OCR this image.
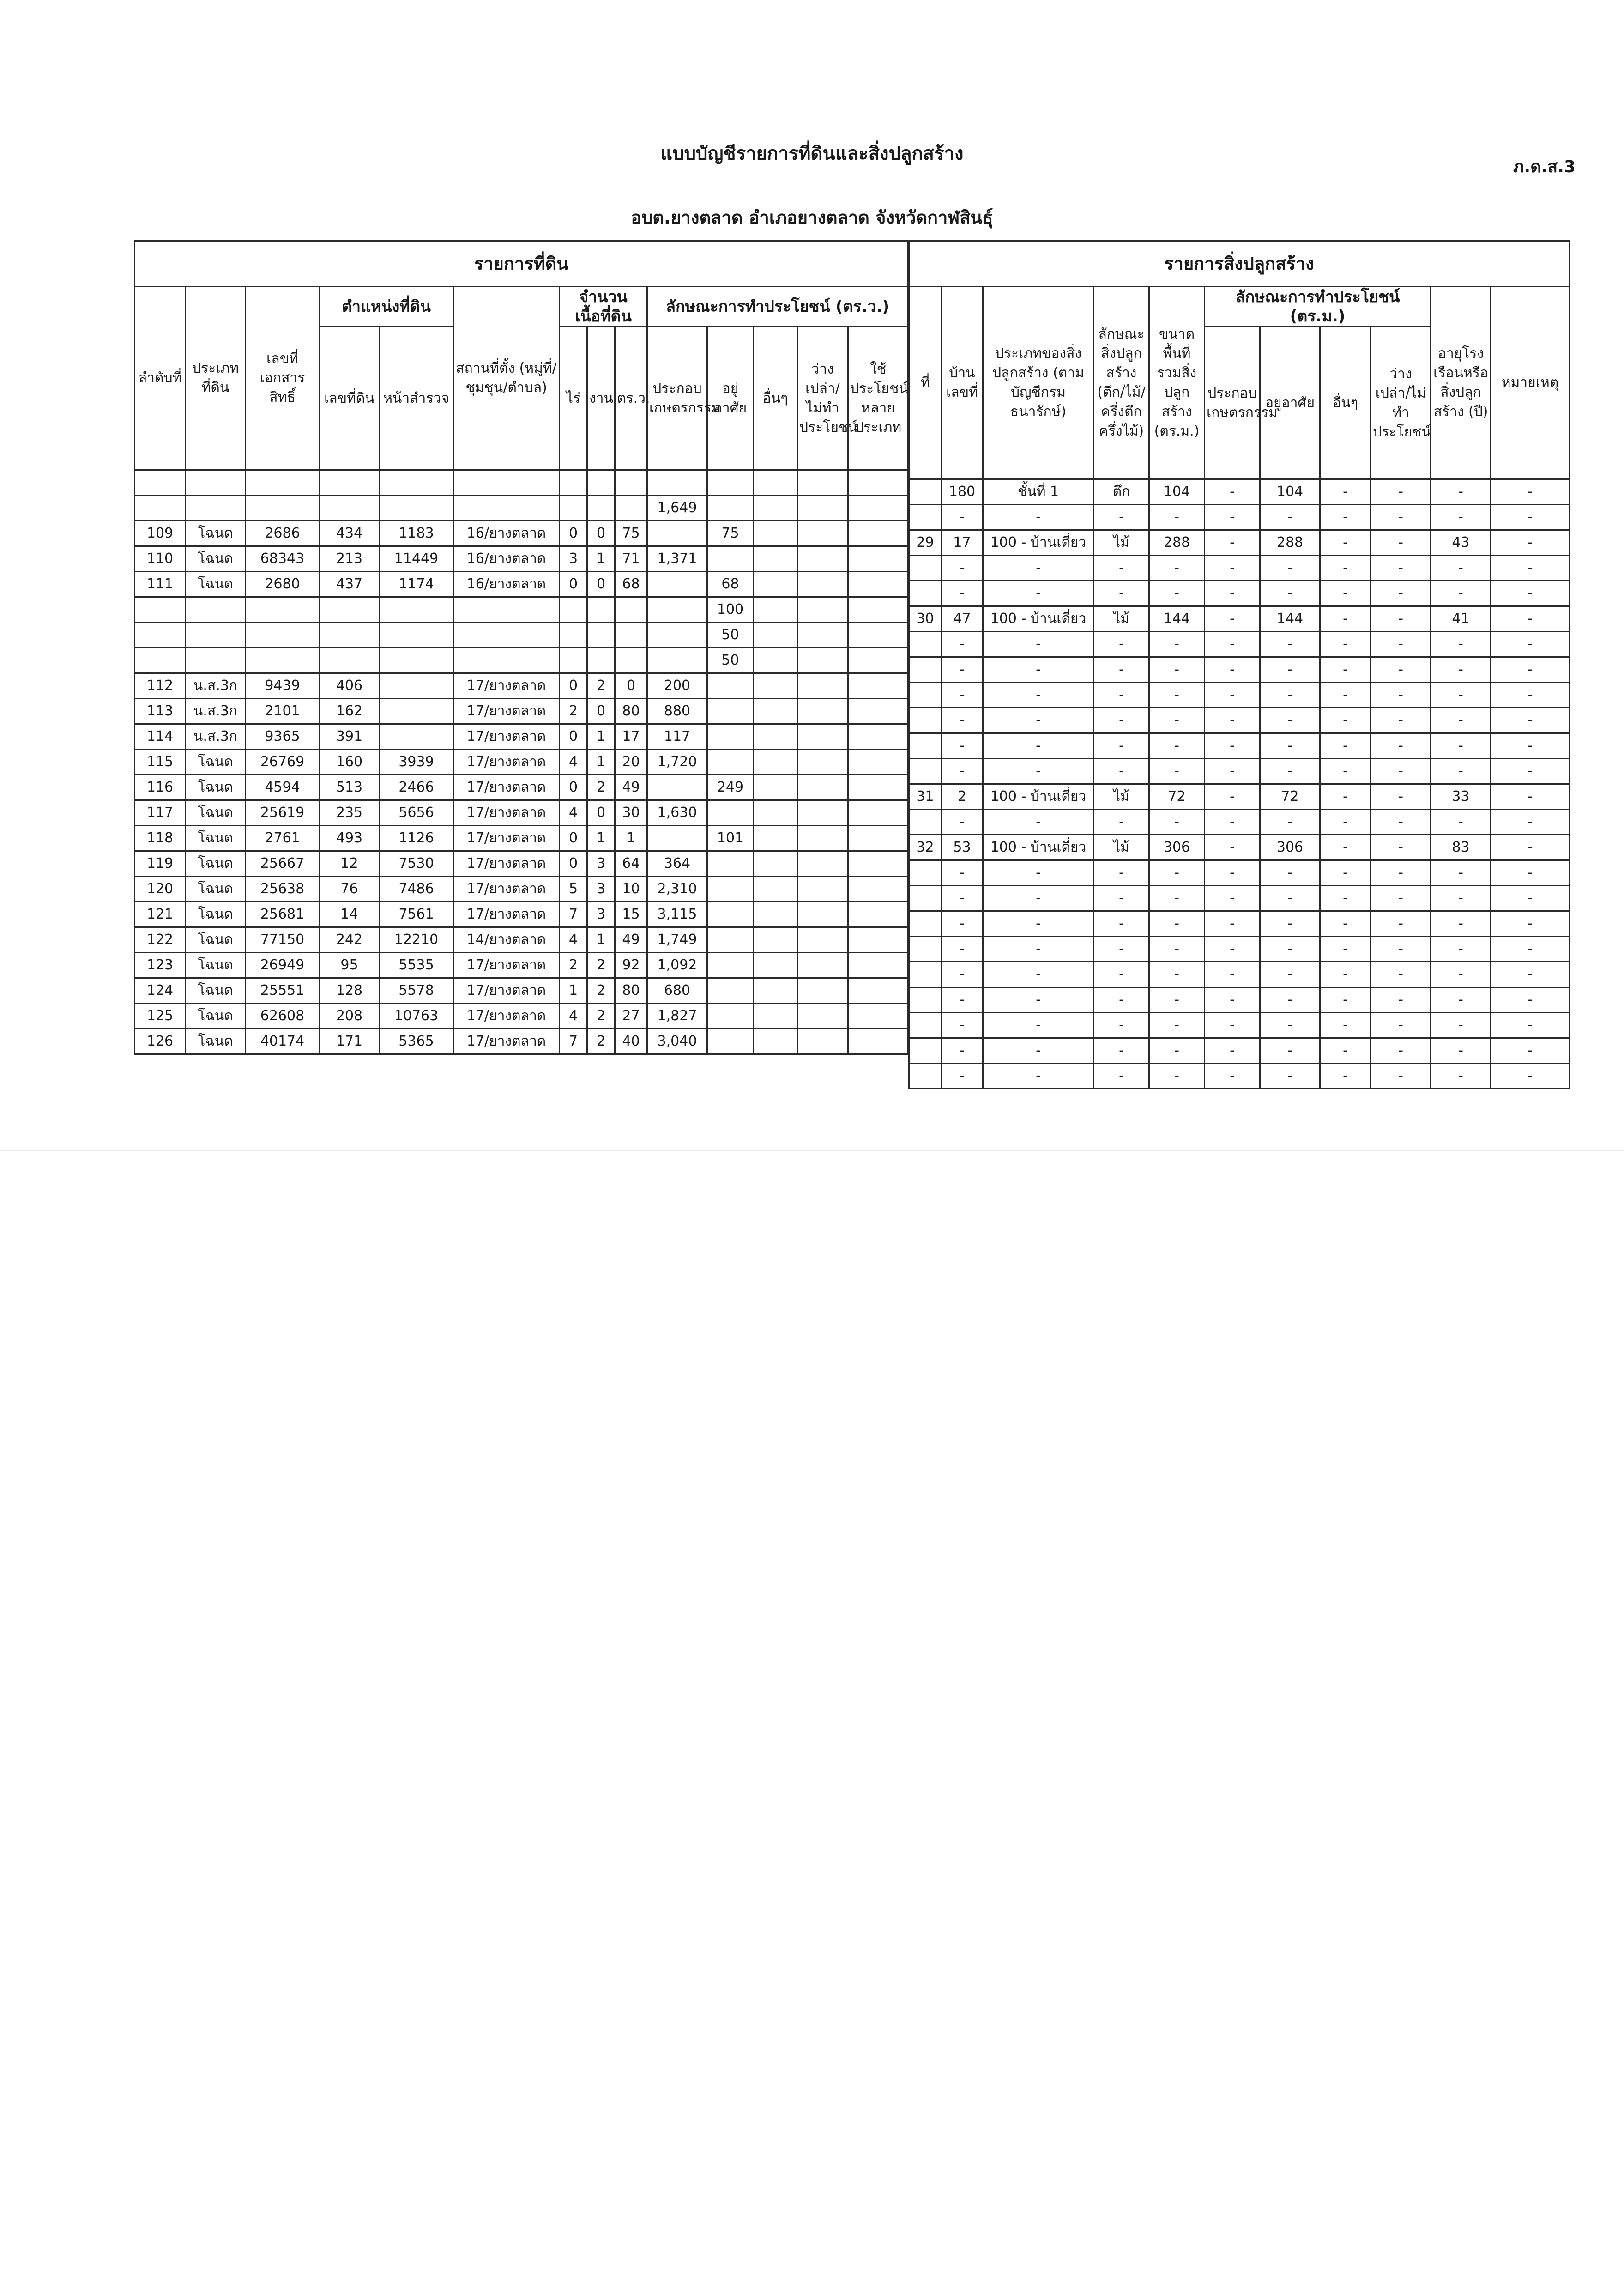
แบบบัญชีรายการที่ดินและสิ่งปลูกสร้าง
ภ.ด.ส.3
อบต.ยางตลาด อำเภอยางตลาด จังหวัดกาฬสินธุ์
รายการที่ดิน													
ลำดับที่	ประเภทที่ดิน	เลขที่เอกสารสิทธิ์	ตำแหน่งที่ดิน		สถานที่ตั้ง (หมู่ที่/ชุมชุน/ตำบล)	จำนวนเนื้อที่ดิน			ลักษณะการทำประโยชน์ (ตร.ว.)				
			เลขที่ดิน	หน้าสำรวจ		ไร่	งาน	ตร.ว.	ประกอบเกษตรกรรม	อยู่อาศัย	อื่นๆ	ว่างเปล่า/ไม่ทำประโยชน์	ใช้ประโยชน์หลายประเภท

									1,649				
109	โฉนด	2686	434	1183	16/ยางตลาด	0	0	75		75			
110	โฉนด	68343	213	11449	16/ยางตลาด	3	1	71	1,371				
111	โฉนด	2680	437	1174	16/ยางตลาด	0	0	68		68			
										100			
										50			
										50			
112	น.ส.3ก	9439	406		17/ยางตลาด	0	2	0	200				
113	น.ส.3ก	2101	162		17/ยางตลาด	2	0	80	880				
114	น.ส.3ก	9365	391		17/ยางตลาด	0	1	17	117				
115	โฉนด	26769	160	3939	17/ยางตลาด	4	1	20	1,720				
116	โฉนด	4594	513	2466	17/ยางตลาด	0	2	49		249			
117	โฉนด	25619	235	5656	17/ยางตลาด	4	0	30	1,630				
118	โฉนด	2761	493	1126	17/ยางตลาด	0	1	1		101			
119	โฉนด	25667	12	7530	17/ยางตลาด	0	3	64	364				
120	โฉนด	25638	76	7486	17/ยางตลาด	5	3	10	2,310				
121	โฉนด	25681	14	7561	17/ยางตลาด	7	3	15	3,115				
122	โฉนด	77150	242	12210	14/ยางตลาด	4	1	49	1,749				
123	โฉนด	26949	95	5535	17/ยางตลาด	2	2	92	1,092				
124	โฉนด	25551	128	5578	17/ยางตลาด	1	2	80	680				
125	โฉนด	62608	208	10763	17/ยางตลาด	4	2	27	1,827				
126	โฉนด	40174	171	5365	17/ยางตลาด	7	2	40	3,040				
รายการสิ่งปลูกสร้าง										
ที่	บ้านเลขที่	ประเภทของสิ่งปลูกสร้าง (ตามบัญชีกรมธนารักษ์)	ลักษณะสิ่งปลูกสร้าง (ตึก/ไม้/ครึ่งตึกครึ่งไม้)	ขนาดพื้นที่รวมสิ่งปลูกสร้าง (ตร.ม.)	ลักษณะการทำประโยชน์ (ตร.ม.)				อายุโรงเรือนหรือสิ่งปลูกสร้าง (ปี)	หมายเหตุ
					ประกอบเกษตรกรรม	อยู่อาศัย	อื่นๆ	ว่างเปล่า/ไม่ทำประโยชน์		
	180	ชั้นที่ 1	ตึก	104	-	104	-	-	-	-
	-	-	-	-	-	-	-	-	-	-
29	17	100 - บ้านเดี่ยว	ไม้	288	-	288	-	-	43	-
	-	-	-	-	-	-	-	-	-	-
	-	-	-	-	-	-	-	-	-	-
30	47	100 - บ้านเดี่ยว	ไม้	144	-	144	-	-	41	-
	-	-	-	-	-	-	-	-	-	-
	-	-	-	-	-	-	-	-	-	-
	-	-	-	-	-	-	-	-	-	-
	-	-	-	-	-	-	-	-	-	-
	-	-	-	-	-	-	-	-	-	-
	-	-	-	-	-	-	-	-	-	-
31	2	100 - บ้านเดี่ยว	ไม้	72	-	72	-	-	33	-
	-	-	-	-	-	-	-	-	-	-
32	53	100 - บ้านเดี่ยว	ไม้	306	-	306	-	-	83	-
	-	-	-	-	-	-	-	-	-	-
	-	-	-	-	-	-	-	-	-	-
	-	-	-	-	-	-	-	-	-	-
	-	-	-	-	-	-	-	-	-	-
	-	-	-	-	-	-	-	-	-	-
	-	-	-	-	-	-	-	-	-	-
	-	-	-	-	-	-	-	-	-	-
	-	-	-	-	-	-	-	-	-	-
	-	-	-	-	-	-	-	-	-	-
